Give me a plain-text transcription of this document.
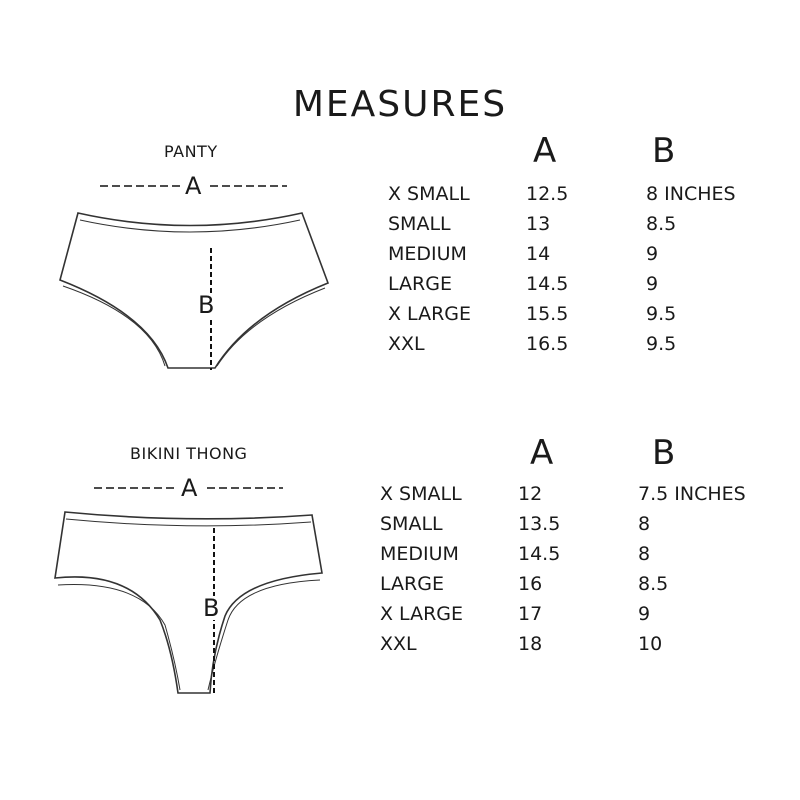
MEASURES
PANTY
A
B
A	B
X SMALL	12.5	8 INCHES
SMALL	13	8.5
MEDIUM	14	9
LARGE	14.5	9
X LARGE	15.5	9.5
XXL	16.5	9.5
BIKINI THONG
A
B
A	B
X SMALL	12	7.5 INCHES
SMALL	13.5	8
MEDIUM	14.5	8
LARGE	16	8.5
X LARGE	17	9
XXL	18	10
